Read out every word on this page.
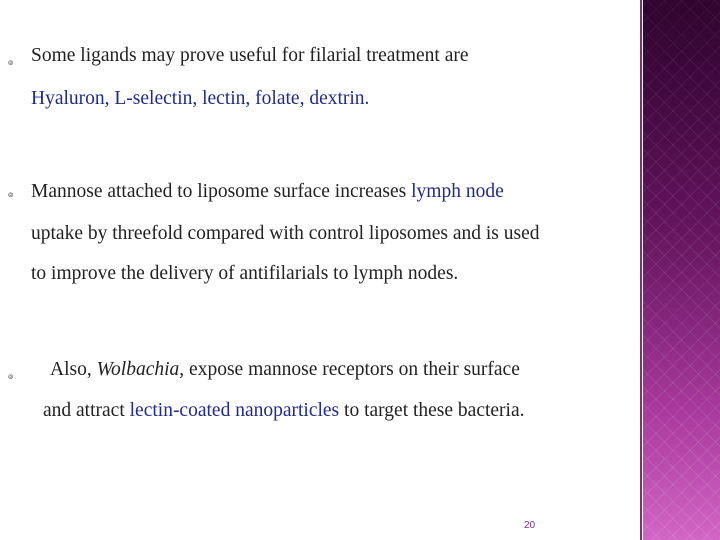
๏ Some ligands may prove useful for filarial treatment are
Hyaluron, L-selectin, lectin, folate, dextrin.
๏ Mannose attached to liposome surface increases lymph node
uptake by threefold compared with control liposomes and is used
to improve the delivery of antifilarials to lymph nodes.
๏ Also, Wolbachia, expose mannose receptors on their surface
and attract lectin-coated nanoparticles to target these bacteria.
20
